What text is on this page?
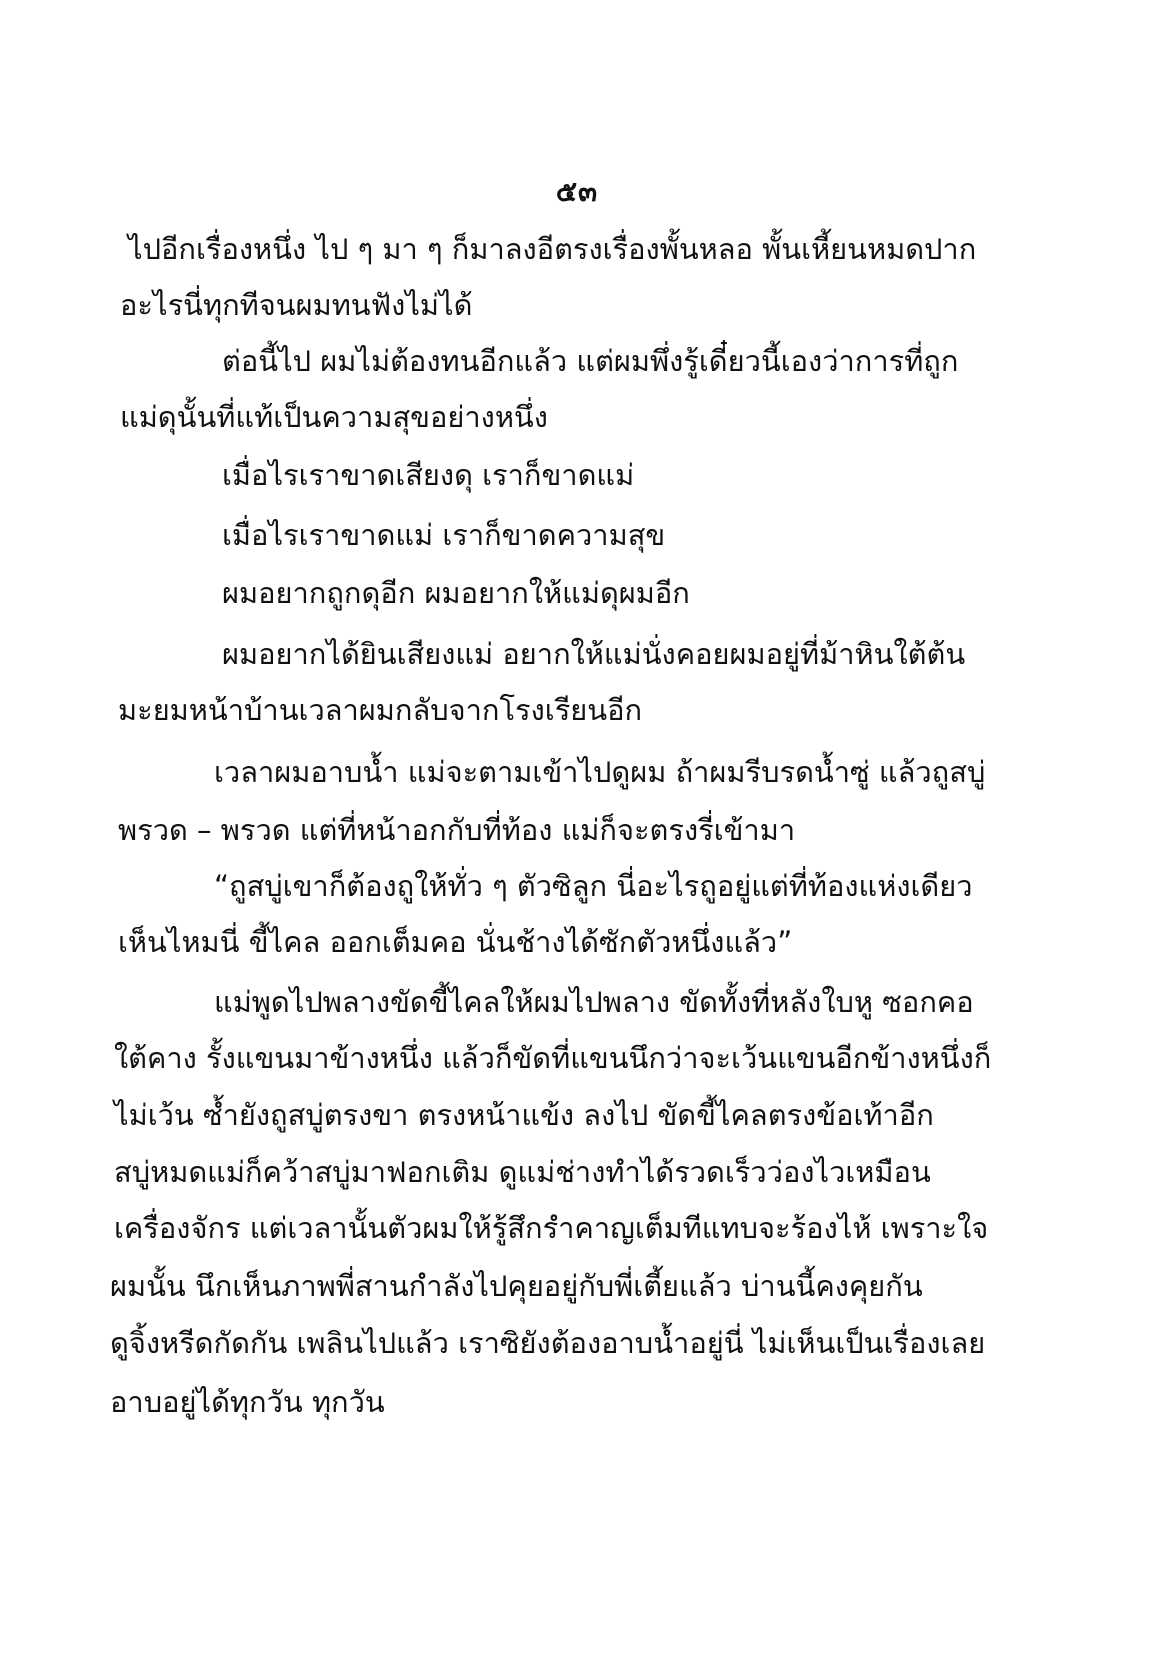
๕๓
ไปอีกเรื่องหนึ่ง ไป ๆ มา ๆ ก็มาลงอีตรงเรื่องพั้นหลอ พั้นเหี้ยนหมดปาก
อะไรนี่ทุกทีจนผมทนฟังไม่ได้
ต่อนี้ไป ผมไม่ต้องทนอีกแล้ว แต่ผมพึ่งรู้เดี๋ยวนี้เองว่าการที่ถูก
แม่ดุนั้นที่แท้เป็นความสุขอย่างหนึ่ง
เมื่อไรเราขาดเสียงดุ เราก็ขาดแม่
เมื่อไรเราขาดแม่ เราก็ขาดความสุข
ผมอยากถูกดุอีก ผมอยากให้แม่ดุผมอีก
ผมอยากได้ยินเสียงแม่ อยากให้แม่นั่งคอยผมอยู่ที่ม้าหินใต้ต้น
มะยมหน้าบ้านเวลาผมกลับจากโรงเรียนอีก
เวลาผมอาบน้ำ แม่จะตามเข้าไปดูผม ถ้าผมรีบรดน้ำซู่ แล้วถูสบู่
พรวด – พรวด แต่ที่หน้าอกกับที่ท้อง แม่ก็จะตรงรี่เข้ามา
“ถูสบู่เขาก็ต้องถูให้ทั่ว ๆ ตัวซิลูก นี่อะไรถูอยู่แต่ที่ท้องแห่งเดียว
เห็นไหมนี่ ขี้ไคล ออกเต็มคอ นั่นช้างได้ซักตัวหนึ่งแล้ว”
แม่พูดไปพลางขัดขี้ไคลให้ผมไปพลาง ขัดทั้งที่หลังใบหู ซอกคอ
ใต้คาง รั้งแขนมาข้างหนึ่ง แล้วก็ขัดที่แขนนึกว่าจะเว้นแขนอีกข้างหนึ่งก็
ไม่เว้น ซ้ำยังถูสบู่ตรงขา ตรงหน้าแข้ง ลงไป ขัดขี้ไคลตรงข้อเท้าอีก
สบู่หมดแม่ก็คว้าสบู่มาฟอกเติม ดูแม่ช่างทำได้รวดเร็วว่องไวเหมือน
เครื่องจักร แต่เวลานั้นตัวผมให้รู้สึกรำคาญเต็มทีแทบจะร้องไห้ เพราะใจ
ผมนั้น นึกเห็นภาพพี่สานกำลังไปคุยอยู่กับพี่เตี้ยแล้ว บ่านนี้คงคุยกัน
ดูจิ้งหรีดกัดกัน เพลินไปแล้ว เราซิยังต้องอาบน้ำอยู่นี่ ไม่เห็นเป็นเรื่องเลย
อาบอยู่ได้ทุกวัน ทุกวัน
